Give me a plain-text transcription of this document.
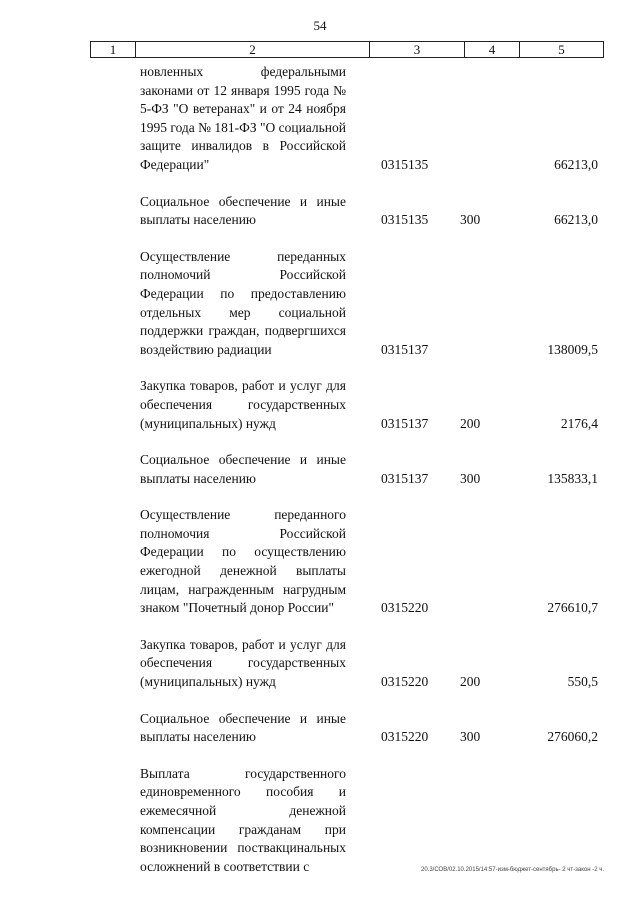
54
1	2	3	4	5
новленных федеральными законами от 12 января 1995 года № 5-ФЗ "О ветеранах" и от 24 ноября 1995 года № 181-ФЗ "О социальной защите инвалидов в Российской Федерации"	0315135	66213,0
Социальное обеспечение и иные выплаты населению	0315135 300	66213,0
Осуществление переданных полномочий Российской Федерации по предоставлению отдельных мер социальной поддержки граждан, подвергшихся воздействию радиации	0315137	138009,5
Закупка товаров, работ и услуг для обеспечения государственных (муниципальных) нужд	0315137 200	2176,4
Социальное обеспечение и иные выплаты населению	0315137 300	135833,1
Осуществление переданного полномочия Российской Федерации по осуществлению ежегодной денежной выплаты лицам, награжденным нагрудным знаком "Почетный донор России"	0315220	276610,7
Закупка товаров, работ и услуг для обеспечения государственных (муниципальных) нужд	0315220 200	550,5
Социальное обеспечение и иные выплаты населению	0315220 300	276060,2
Выплата государственного единовременного пособия и ежемесячной денежной компенсации гражданам при возникновении поствакцинальных осложнений в соответствии с	20.3/СОВ/02.10.2015/14:57-изм-бюджет-сентябрь- 2 чт-закон -2 ч.
